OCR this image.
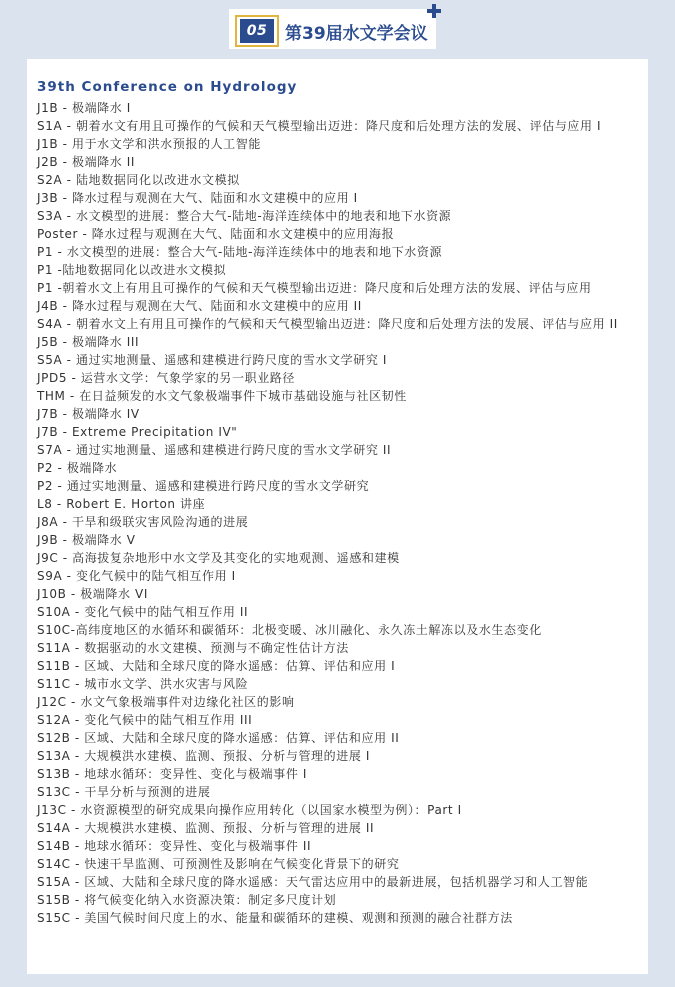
05	第39届水文学会议
39th Conference on Hydrology
J1B - 极端降水 I
S1A - 朝着水文有用且可操作的气候和天气模型输出迈进：降尺度和后处理方法的发展、评估与应用 I
J1B - 用于水文学和洪水预报的人工智能
J2B - 极端降水 II
S2A - 陆地数据同化以改进水文模拟
J3B - 降水过程与观测在大气、陆面和水文建模中的应用 I
S3A - 水文模型的进展：整合大气-陆地-海洋连续体中的地表和地下水资源
Poster - 降水过程与观测在大气、陆面和水文建模中的应用海报
P1 - 水文模型的进展：整合大气-陆地-海洋连续体中的地表和地下水资源
P1 -陆地数据同化以改进水文模拟
P1 -朝着水文上有用且可操作的气候和天气模型输出迈进：降尺度和后处理方法的发展、评估与应用
J4B - 降水过程与观测在大气、陆面和水文建模中的应用 II
S4A - 朝着水文上有用且可操作的气候和天气模型输出迈进：降尺度和后处理方法的发展、评估与应用 II
J5B - 极端降水 III
S5A - 通过实地测量、遥感和建模进行跨尺度的雪水文学研究 I
JPD5 - 运营水文学：气象学家的另一职业路径
THM - 在日益频发的水文气象极端事件下城市基础设施与社区韧性
J7B - 极端降水 IV
J7B - Extreme Precipitation IV"
S7A - 通过实地测量、遥感和建模进行跨尺度的雪水文学研究 II
P2 - 极端降水
P2 - 通过实地测量、遥感和建模进行跨尺度的雪水文学研究
L8 - Robert E. Horton 讲座
J8A - 干旱和级联灾害风险沟通的进展
J9B - 极端降水 V
J9C - 高海拔复杂地形中水文学及其变化的实地观测、遥感和建模
S9A - 变化气候中的陆气相互作用 I
J10B - 极端降水 VI
S10A - 变化气候中的陆气相互作用 II
S10C-高纬度地区的水循环和碳循环：北极变暖、冰川融化、永久冻土解冻以及水生态变化
S11A - 数据驱动的水文建模、预测与不确定性估计方法
S11B - 区域、大陆和全球尺度的降水遥感：估算、评估和应用 I
S11C - 城市水文学、洪水灾害与风险
J12C - 水文气象极端事件对边缘化社区的影响
S12A - 变化气候中的陆气相互作用 III
S12B - 区域、大陆和全球尺度的降水遥感：估算、评估和应用 II
S13A - 大规模洪水建模、监测、预报、分析与管理的进展 I
S13B - 地球水循环：变异性、变化与极端事件 I
S13C - 干旱分析与预测的进展
J13C - 水资源模型的研究成果向操作应用转化（以国家水模型为例）：Part I
S14A - 大规模洪水建模、监测、预报、分析与管理的进展 II
S14B - 地球水循环：变异性、变化与极端事件 II
S14C - 快速干旱监测、可预测性及影响在气候变化背景下的研究
S15A - 区域、大陆和全球尺度的降水遥感：天气雷达应用中的最新进展，包括机器学习和人工智能
S15B - 将气候变化纳入水资源决策：制定多尺度计划
S15C - 美国气候时间尺度上的水、能量和碳循环的建模、观测和预测的融合社群方法
